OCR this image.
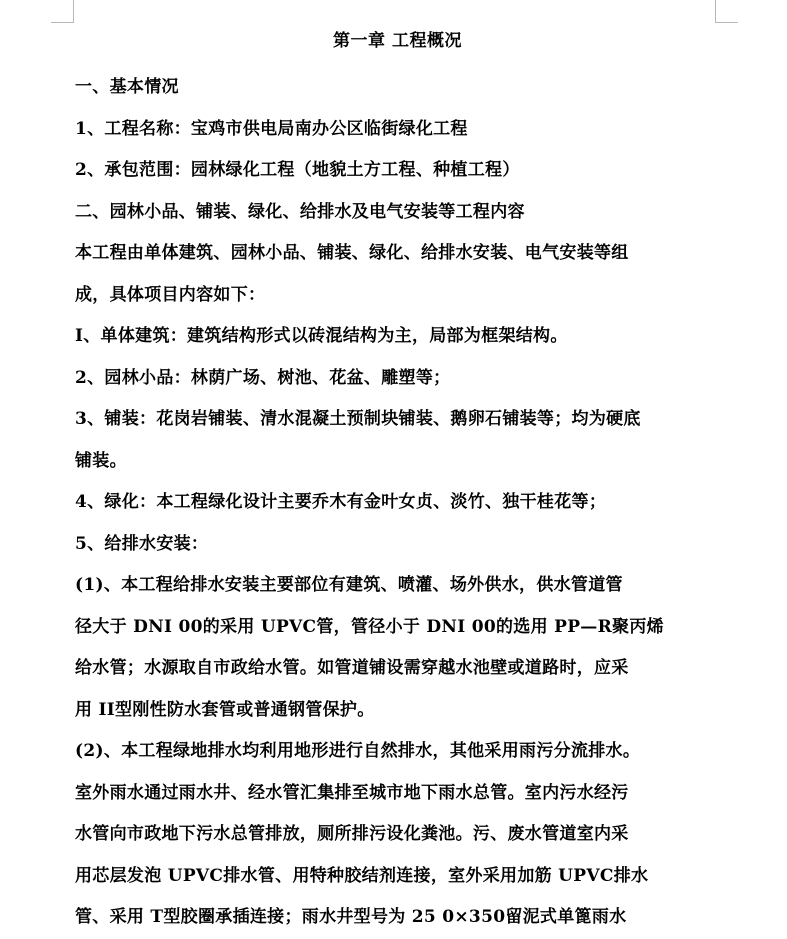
第一章 工程概况
一、基本情况
1、工程名称：宝鸡市供电局南办公区临街绿化工程
2、承包范围：园林绿化工程（地貌土方工程、种植工程）
二、园林小品、铺装、绿化、给排水及电气安装等工程内容
本工程由单体建筑、园林小品、铺装、绿化、给排水安装、电气安装等组
成，具体项目内容如下：
I、单体建筑：建筑结构形式以砖混结构为主，局部为框架结构。
2、园林小品：林荫广场、树池、花盆、雕塑等；
3、铺装：花岗岩铺装、清水混凝土预制块铺装、鹅卵石铺装等；均为硬底
铺装。
4、绿化：本工程绿化设计主要乔木有金叶女贞、淡竹、独干桂花等；
5、给排水安装：
(1)、本工程给排水安装主要部位有建筑、喷灌、场外供水，供水管道管
径大于 DNI 00的采用 UPVC管，管径小于 DNI 00的选用 PP—R聚丙烯
给水管；水源取自市政给水管。如管道铺设需穿越水池壁或道路时，应采
用 II型刚性防水套管或普通钢管保护。
(2)、本工程绿地排水均利用地形进行自然排水，其他采用雨污分流排水。
室外雨水通过雨水井、经水管汇集排至城市地下雨水总管。室内污水经污
水管向市政地下污水总管排放，厕所排污设化粪池。污、废水管道室内采
用芯层发泡 UPVC排水管、用特种胶结剂连接，室外采用加筋 UPVC排水
管、采用 T型胶圈承插连接；雨水井型号为 25 0×350留泥式单篦雨水
